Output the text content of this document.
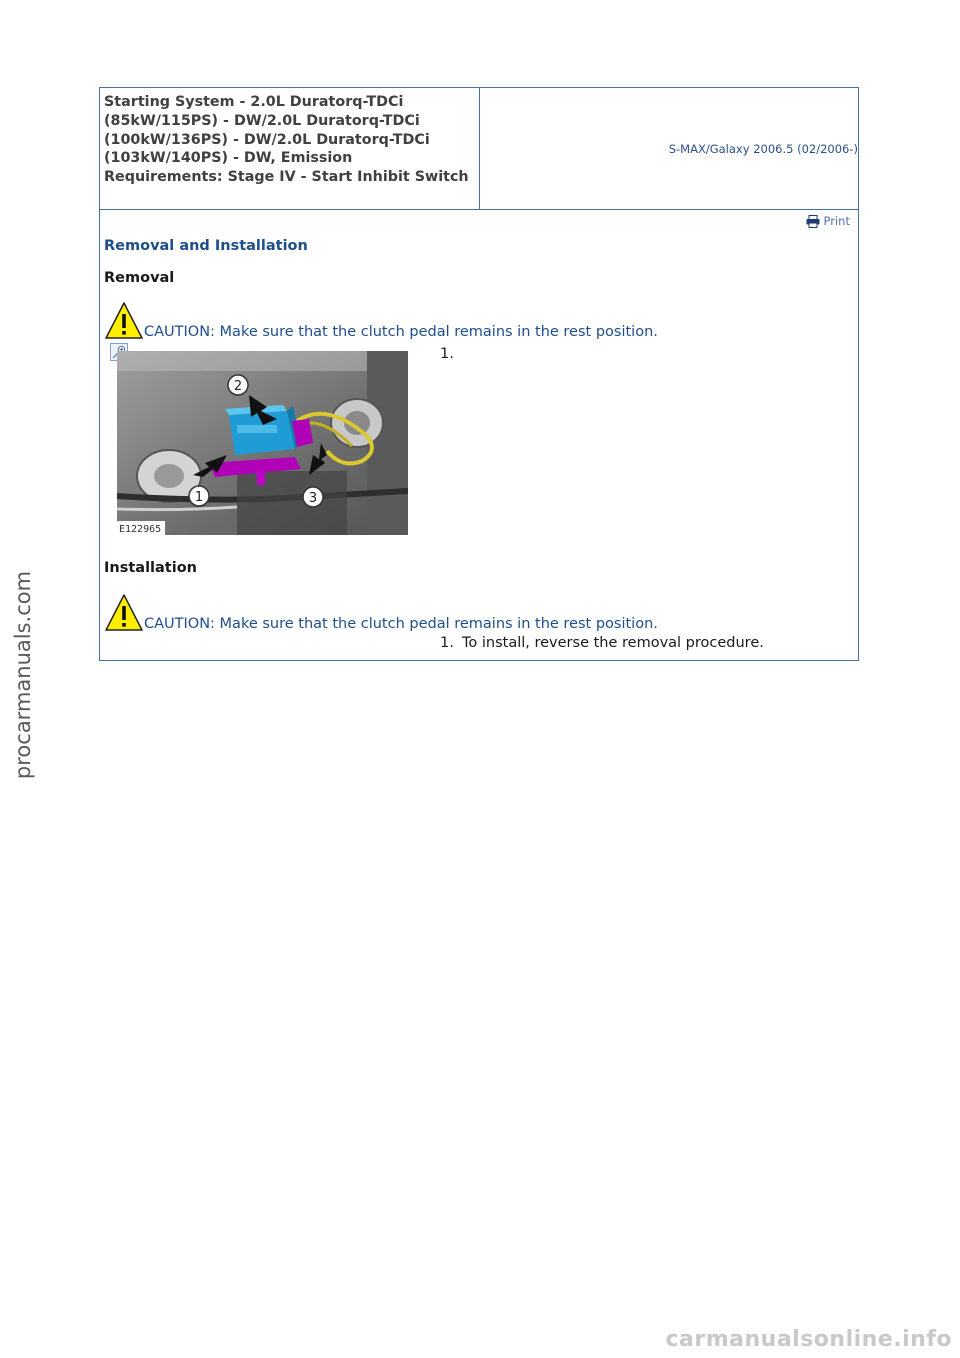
Starting System - 2.0L Duratorq-TDCi (85kW/115PS) - DW/2.0L Duratorq-TDCi (100kW/136PS) - DW/2.0L Duratorq-TDCi (103kW/140PS) - DW, Emission Requirements: Stage IV - Start Inhibit Switch

S-MAX/Galaxy 2006.5 (02/2006-)
Print
Removal and Installation
Removal
CAUTION: Make sure that the clutch pedal remains in the rest position.
2
1	3
E122965
1.
Installation
CAUTION: Make sure that the clutch pedal remains in the rest position.
1. To install, reverse the removal procedure.
procarmanuals.com
carmanualsonline.info
